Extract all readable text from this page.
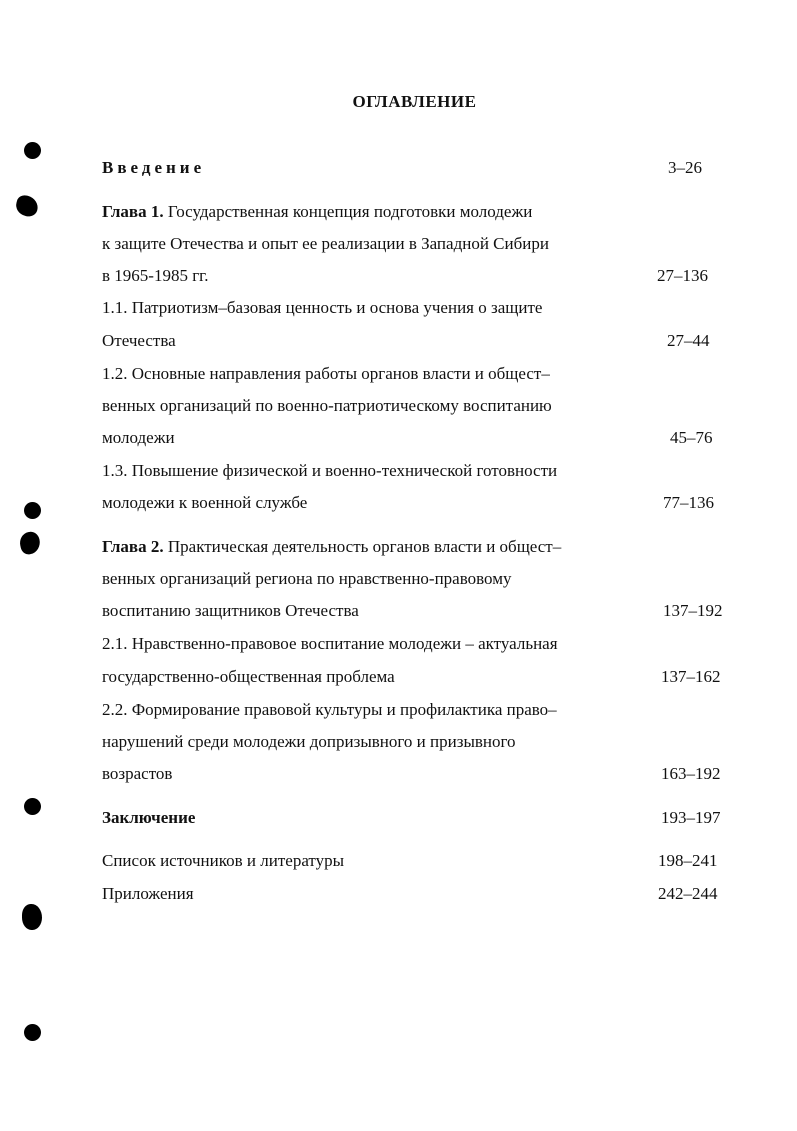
ОГЛАВЛЕНИЕ
Введение	3–26
Глава 1. Государственная концепция подготовки молодежи
к защите Отечества и опыт ее реализации в Западной Сибири
в 1965-1985 гг.	27–136
1.1. Патриотизм–базовая ценность и основа учения о защите
Отечества	27–44
1.2. Основные направления работы органов власти и общест–
венных организаций по военно-патриотическому воспитанию
молодежи	45–76
1.3. Повышение физической и военно-технической готовности
молодежи к военной службе	77–136
Глава 2. Практическая деятельность органов власти и общест–
венных организаций региона по нравственно-правовому
воспитанию защитников Отечества	137–192
2.1. Нравственно-правовое воспитание молодежи – актуальная
государственно-общественная проблема	137–162
2.2. Формирование правовой культуры и профилактика право–
нарушений среди молодежи допризывного и призывного
возрастов	163–192
Заключение	193–197
Список источников и литературы	198–241
Приложения	242–244
